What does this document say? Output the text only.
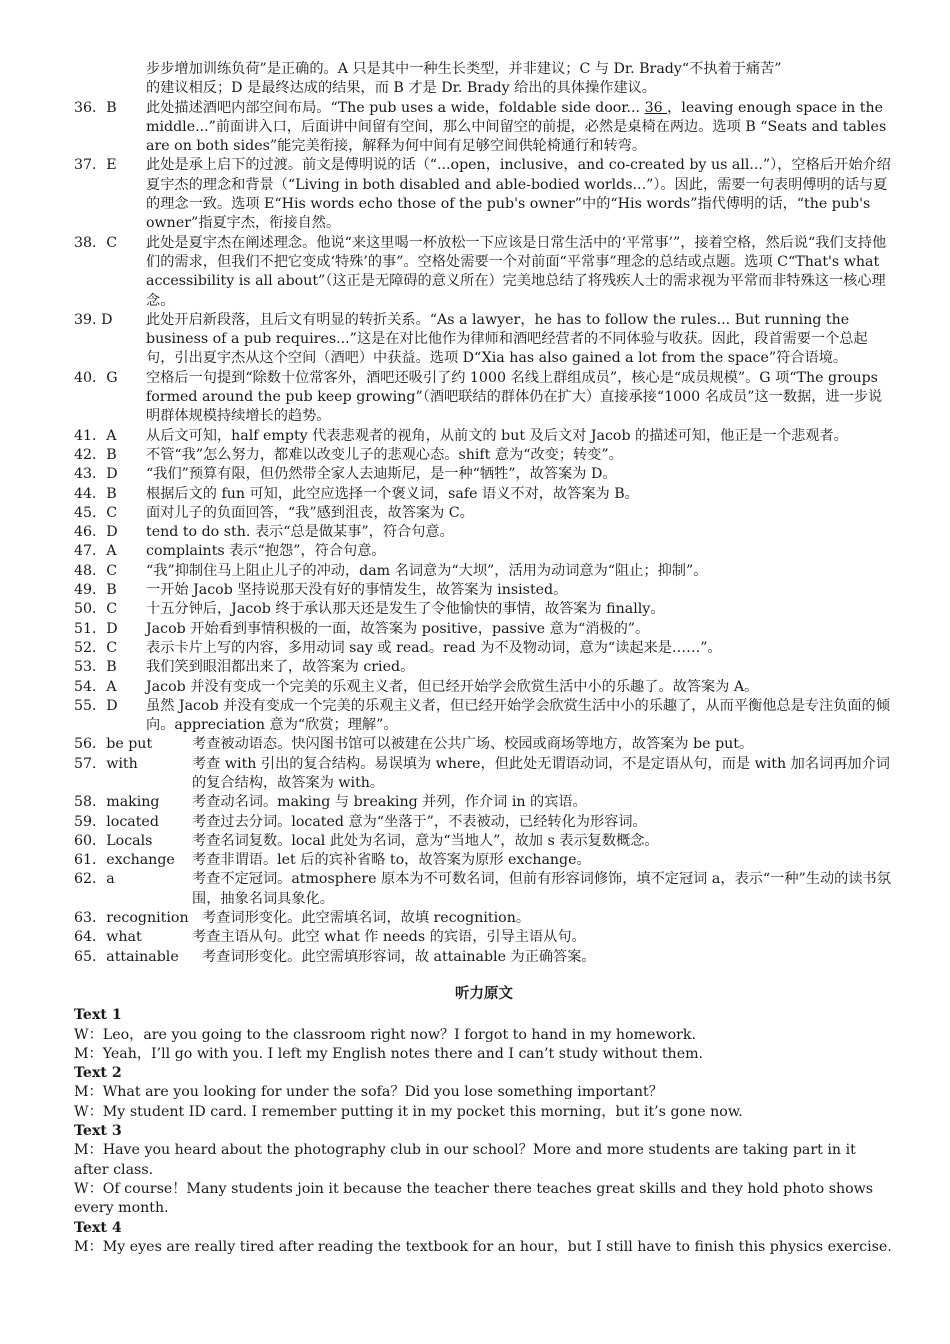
步步增加训练负荷”是正确的。A 只是其中一种生长类型，并非建议；C 与 Dr. Brady“不执着于痛苦”
的建议相反；D 是最终达成的结果，而 B 才是 Dr. Brady 给出的具体操作建议。
36．B	此处描述酒吧内部空间布局。“The pub uses a wide，foldable side door... 36 ，leaving enough space in the middle...”前面讲入口，后面讲中间留有空间，那么中间留空的前提，必然是桌椅在两边。选项 B “Seats and tables are on both sides”能完美衔接，解释为何中间有足够空间供轮椅通行和转弯。
37．E	此处是承上启下的过渡。前文是傅明说的话（“...open，inclusive，and co-created by us all...”），空格后开始介绍夏宇杰的理念和背景（“Living in both disabled and able-bodied worlds...”）。因此，需要一句表明傅明的话与夏的理念一致。选项 E“His words echo those of the pub's owner”中的“His words”指代傅明的话，“the pub's owner”指夏宇杰，衔接自然。
38．C	此处是夏宇杰在阐述理念。他说“来这里喝一杯放松一下应该是日常生活中的‘平常事’”，接着空格，然后说“我们支持他们的需求，但我们不把它变成‘特殊’的事”。空格处需要一个对前面“平常事”理念的总结或点题。选项 C“That's what accessibility is all about”（这正是无障碍的意义所在）完美地总结了将残疾人士的需求视为平常而非特殊这一核心理念。
39. D	此处开启新段落，且后文有明显的转折关系。“As a lawyer，he has to follow the rules... But running the business of a pub requires...”这是在对比他作为律师和酒吧经营者的不同体验与收获。因此，段首需要一个总起句，引出夏宇杰从这个空间（酒吧）中获益。选项 D“Xia has also gained a lot from the space”符合语境。
40．G	空格后一句提到“除数十位常客外，酒吧还吸引了约 1000 名线上群组成员”，核心是“成员规模”。G 项“The groups formed around the pub keep growing”（酒吧联结的群体仍在扩大）直接承接“1000 名成员”这一数据，进一步说明群体规模持续增长的趋势。
41．A	从后文可知，half empty 代表悲观者的视角，从前文的 but 及后文对 Jacob 的描述可知，他正是一个悲观者。
42．B	不管“我”怎么努力，都难以改变儿子的悲观心态。shift 意为“改变；转变”。
43．D	“我们”预算有限，但仍然带全家人去迪斯尼，是一种“牺牲”，故答案为 D。
44．B	根据后文的 fun 可知，此空应选择一个褒义词，safe 语义不对，故答案为 B。
45．C	面对儿子的负面回答，“我”感到沮丧，故答案为 C。
46．D	tend to do sth. 表示“总是做某事”，符合句意。
47．A	complaints 表示“抱怨”，符合句意。
48．C	“我”抑制住马上阻止儿子的冲动，dam 名词意为“大坝”，活用为动词意为“阻止；抑制”。
49．B	一开始 Jacob 坚持说那天没有好的事情发生，故答案为 insisted。
50．C	十五分钟后，Jacob 终于承认那天还是发生了令他愉快的事情，故答案为 finally。
51．D	Jacob 开始看到事情积极的一面，故答案为 positive，passive 意为“消极的”。
52．C	表示卡片上写的内容，多用动词 say 或 read。read 为不及物动词，意为“读起来是……”。
53．B	我们笑到眼泪都出来了，故答案为 cried。
54．A	Jacob 并没有变成一个完美的乐观主义者，但已经开始学会欣赏生活中小的乐趣了。故答案为 A。
55．D	虽然 Jacob 并没有变成一个完美的乐观主义者，但已经开始学会欣赏生活中小的乐趣了，从而平衡他总是专注负面的倾向。appreciation 意为“欣赏；理解”。
56．be put	考查被动语态。快闪图书馆可以被建在公共广场、校园或商场等地方，故答案为 be put。
57．with	考查 with 引出的复合结构。易误填为 where，但此处无谓语动词，不是定语从句，而是 with 加名词再加介词的复合结构，故答案为 with。
58．making	考查动名词。making 与 breaking 并列，作介词 in 的宾语。
59．located	考查过去分词。located 意为“坐落于”，不表被动，已经转化为形容词。
60．Locals	考查名词复数。local 此处为名词，意为“当地人”，故加 s 表示复数概念。
61．exchange	考查非谓语。let 后的宾补省略 to，故答案为原形 exchange。
62．a	考查不定冠词。atmosphere 原本为不可数名词，但前有形容词修饰，填不定冠词 a，表示“一种”生动的读书氛围，抽象名词具象化。
63．recognition 考查词形变化。此空需填名词，故填 recognition。
64．what	考查主语从句。此空 what 作 needs 的宾语，引导主语从句。
65．attainable	考查词形变化。此空需填形容词，故 attainable 为正确答案。
听力原文
Text 1
W：Leo，are you going to the classroom right now？I forgot to hand in my homework.
M：Yeah，I’ll go with you. I left my English notes there and I can’t study without them.
Text 2
M：What are you looking for under the sofa？Did you lose something important？
W：My student ID card. I remember putting it in my pocket this morning，but it’s gone now.
Text 3
M：Have you heard about the photography club in our school？More and more students are taking part in it after class.
W：Of course！Many students join it because the teacher there teaches great skills and they hold photo shows every month.
Text 4
M：My eyes are really tired after reading the textbook for an hour，but I still have to finish this physics exercise.
